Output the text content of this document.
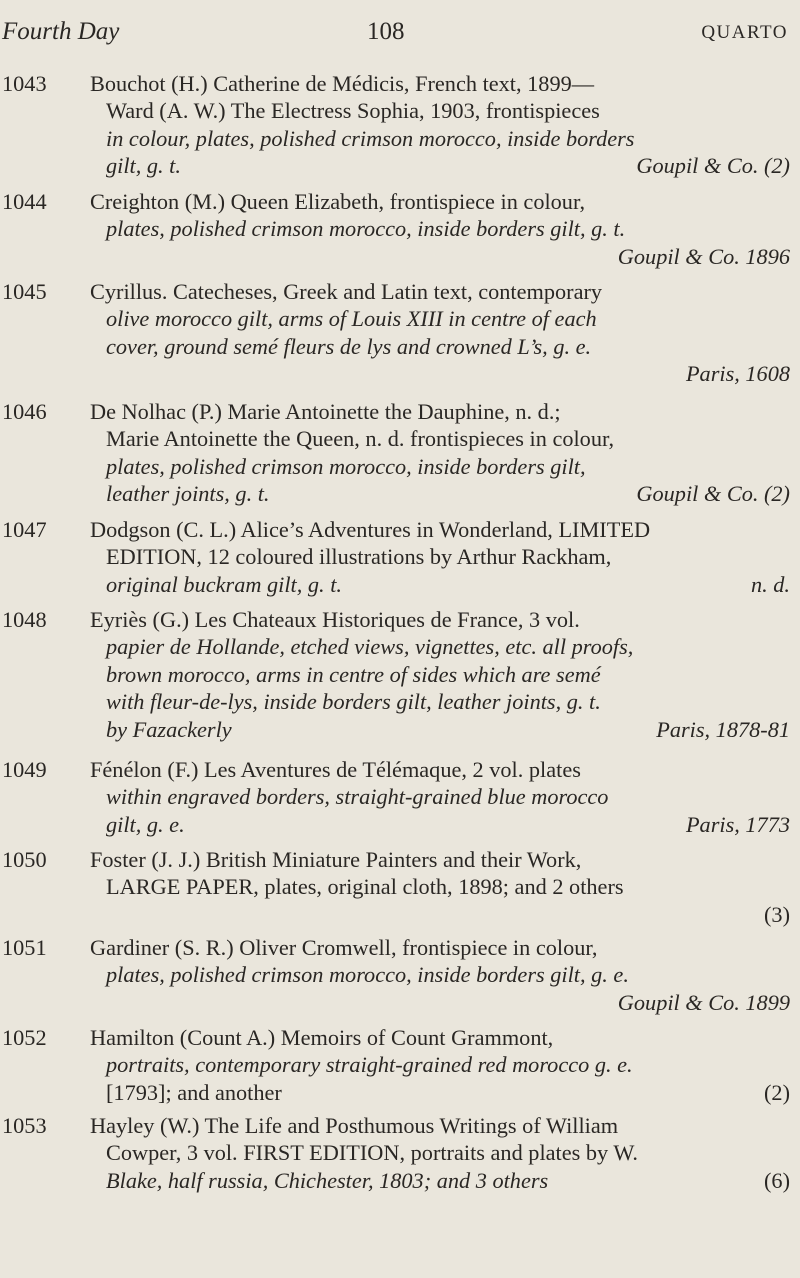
Fourth Day	108	QUARTO
1043 Bouchot (H.) Catherine de Médicis, French text, 1899—
Ward (A. W.) The Electress Sophia, 1903, frontispieces
in colour, plates, polished crimson morocco, inside borders
gilt, g. t.	Goupil & Co. (2)
1044 Creighton (M.) Queen Elizabeth, frontispiece in colour,
plates, polished crimson morocco, inside borders gilt, g. t.
Goupil & Co. 1896
1045 Cyrillus. Catecheses, Greek and Latin text, contemporary
olive morocco gilt, arms of Louis XIII in centre of each
cover, ground semé fleurs de lys and crowned L’s, g. e.
Paris, 1608
1046 De Nolhac (P.) Marie Antoinette the Dauphine, n. d.;
Marie Antoinette the Queen, n. d. frontispieces in colour,
plates, polished crimson morocco, inside borders gilt,
leather joints, g. t.	Goupil & Co. (2)
1047 Dodgson (C. L.) Alice’s Adventures in Wonderland, LIMITED
EDITION, 12 coloured illustrations by Arthur Rackham,
original buckram gilt, g. t.	n. d.
1048 Eyriès (G.) Les Chateaux Historiques de France, 3 vol.
papier de Hollande, etched views, vignettes, etc. all proofs,
brown morocco, arms in centre of sides which are semé
with fleur-de-lys, inside borders gilt, leather joints, g. t.
by Fazackerly	Paris, 1878-81
1049 Fénélon (F.) Les Aventures de Télémaque, 2 vol. plates
within engraved borders, straight-grained blue morocco
gilt, g. e.	Paris, 1773
1050 Foster (J. J.) British Miniature Painters and their Work,
LARGE PAPER, plates, original cloth, 1898; and 2 others
(3)
1051 Gardiner (S. R.) Oliver Cromwell, frontispiece in colour,
plates, polished crimson morocco, inside borders gilt, g. e.
Goupil & Co. 1899
1052 Hamilton (Count A.) Memoirs of Count Grammont,
portraits, contemporary straight-grained red morocco g. e.
[1793]; and another	(2)
1053 Hayley (W.) The Life and Posthumous Writings of William
Cowper, 3 vol. FIRST EDITION, portraits and plates by W.
Blake, half russia, Chichester, 1803; and 3 others	(6)
